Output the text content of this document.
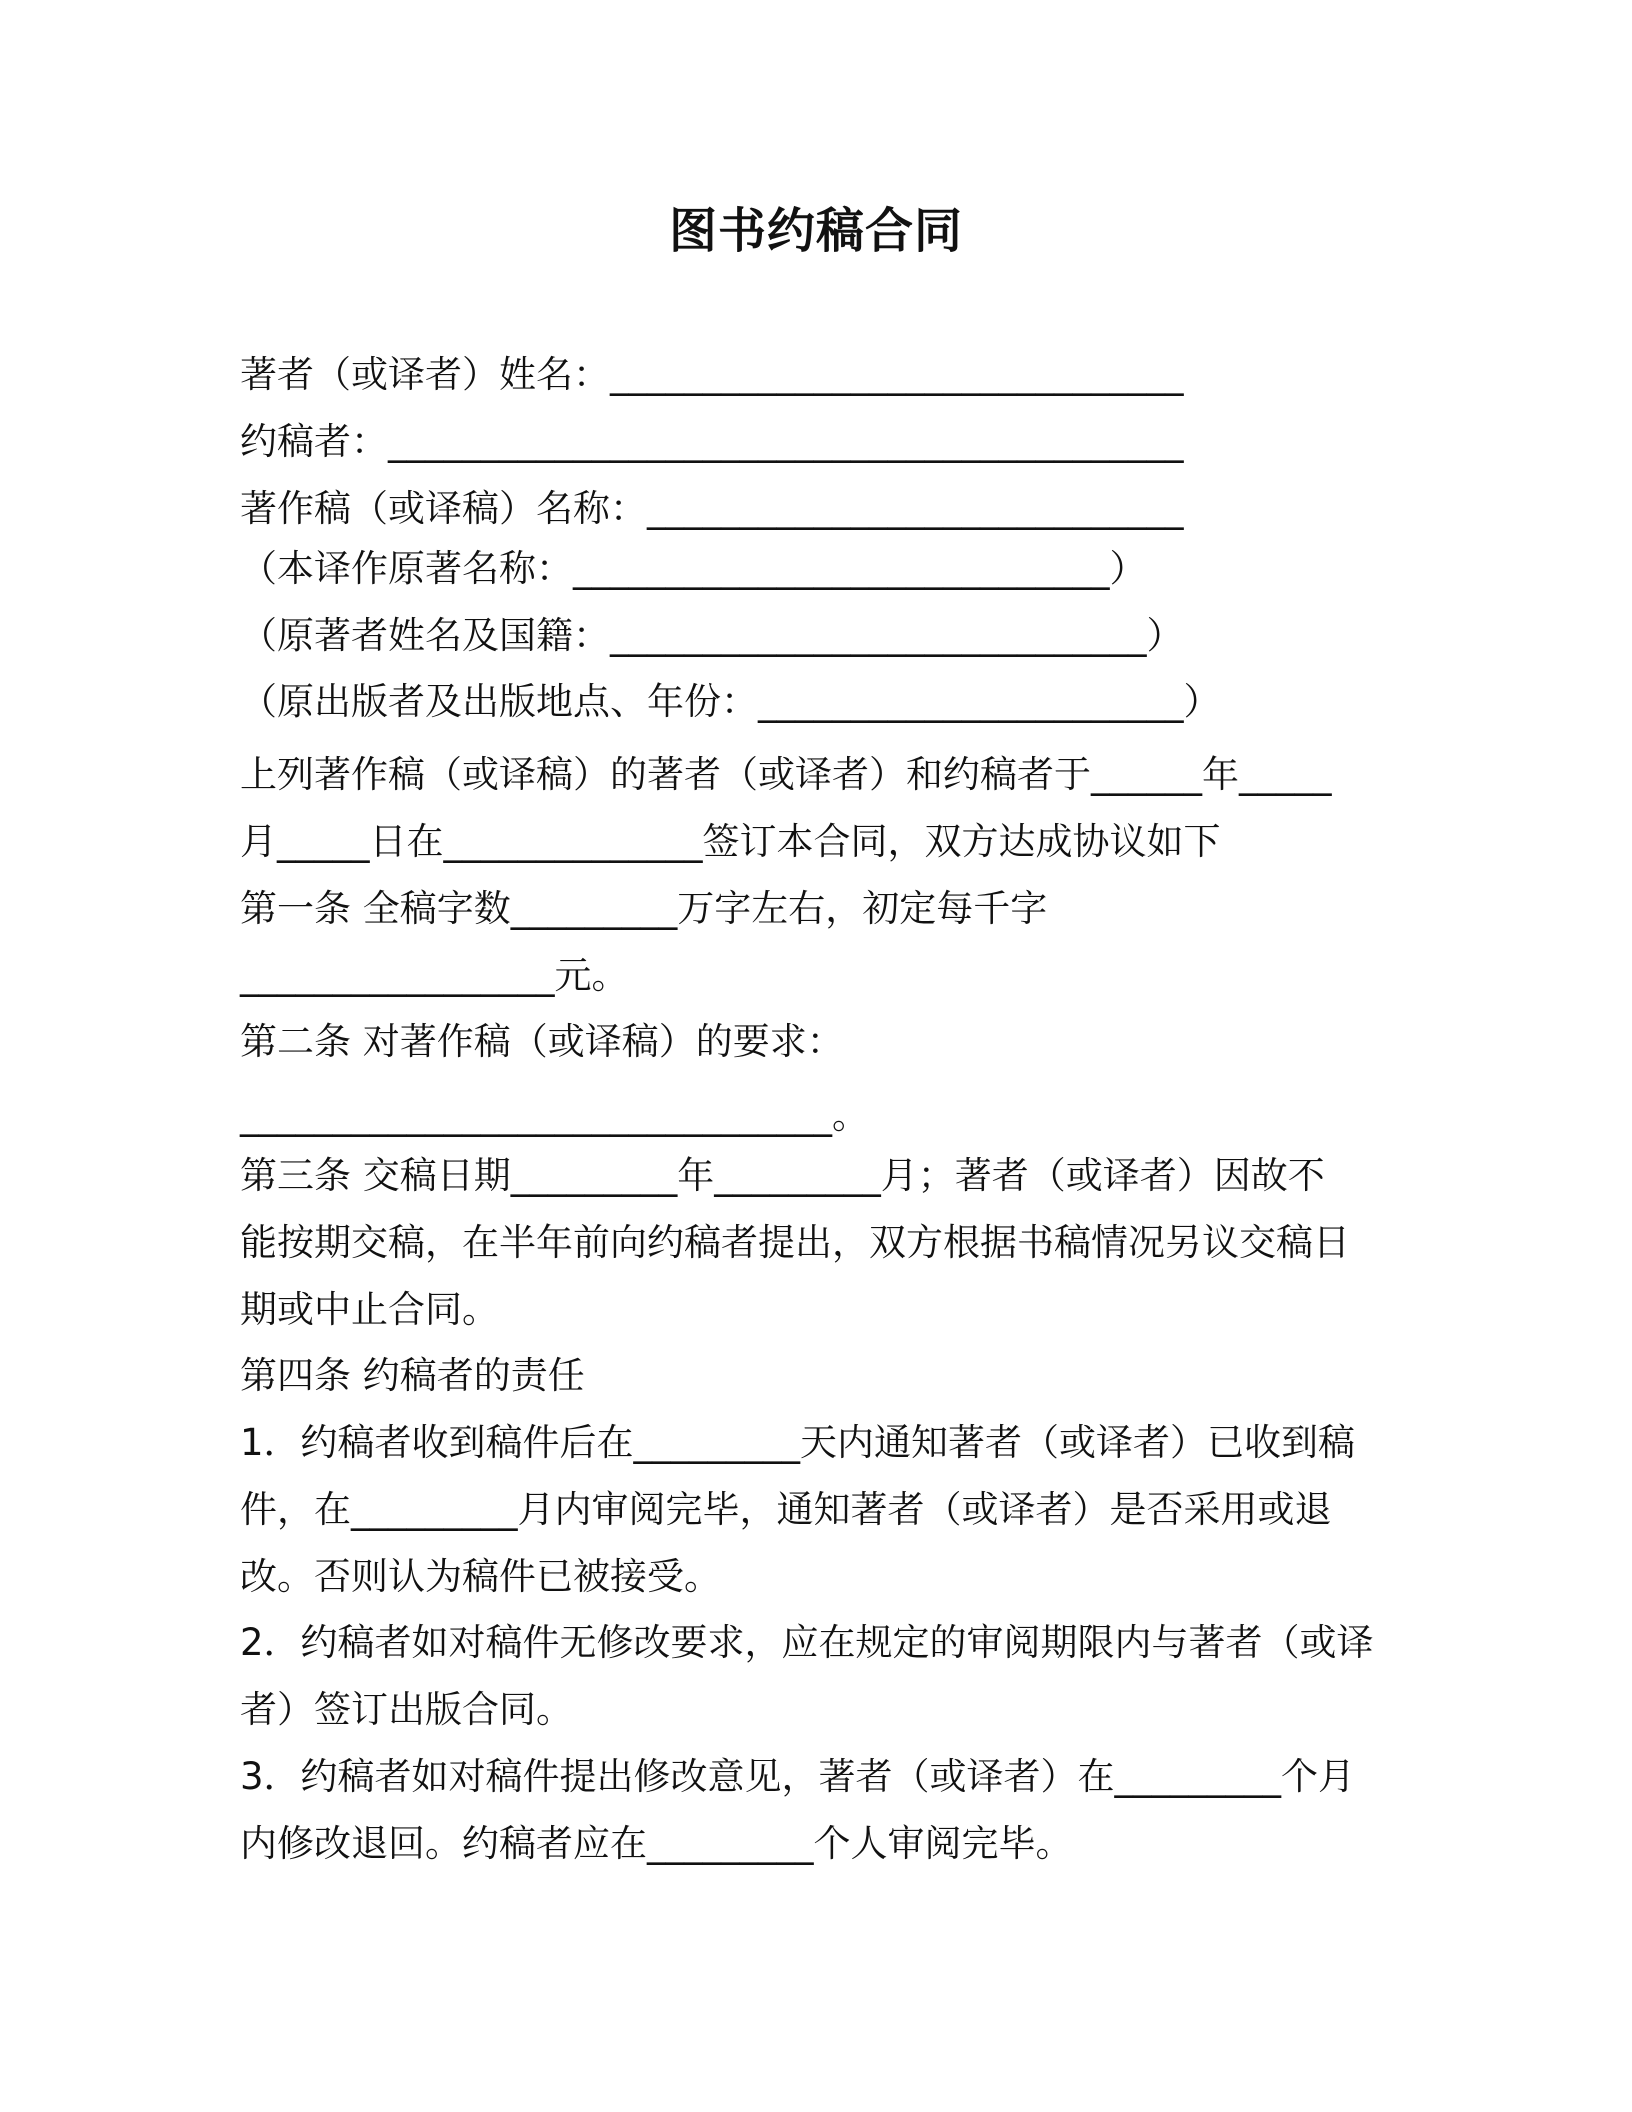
图书约稿合同

著者（或译者）姓名：_______________________________

约稿者：___________________________________________

著作稿（或译稿）名称：_____________________________

（本译作原著名称：_____________________________）

（原著者姓名及国籍：_____________________________）

（原出版者及出版地点、年份：_______________________）

上列著作稿（或译稿）的著者（或译者）和约稿者于______年_____

月_____日在______________签订本合同，双方达成协议如下

第一条 全稿字数_________万字左右，初定每千字

_________________元。

第二条 对著作稿（或译稿）的要求：

________________________________。

第三条 交稿日期_________年_________月；著者（或译者）因故不

能按期交稿，在半年前向约稿者提出，双方根据书稿情况另议交稿日

期或中止合同。

第四条 约稿者的责任

1．约稿者收到稿件后在_________天内通知著者（或译者）已收到稿

件，在_________月内审阅完毕，通知著者（或译者）是否采用或退

改。否则认为稿件已被接受。

2．约稿者如对稿件无修改要求，应在规定的审阅期限内与著者（或译

者）签订出版合同。

3．约稿者如对稿件提出修改意见，著者（或译者）在_________个月

内修改退回。约稿者应在_________个人审阅完毕。
